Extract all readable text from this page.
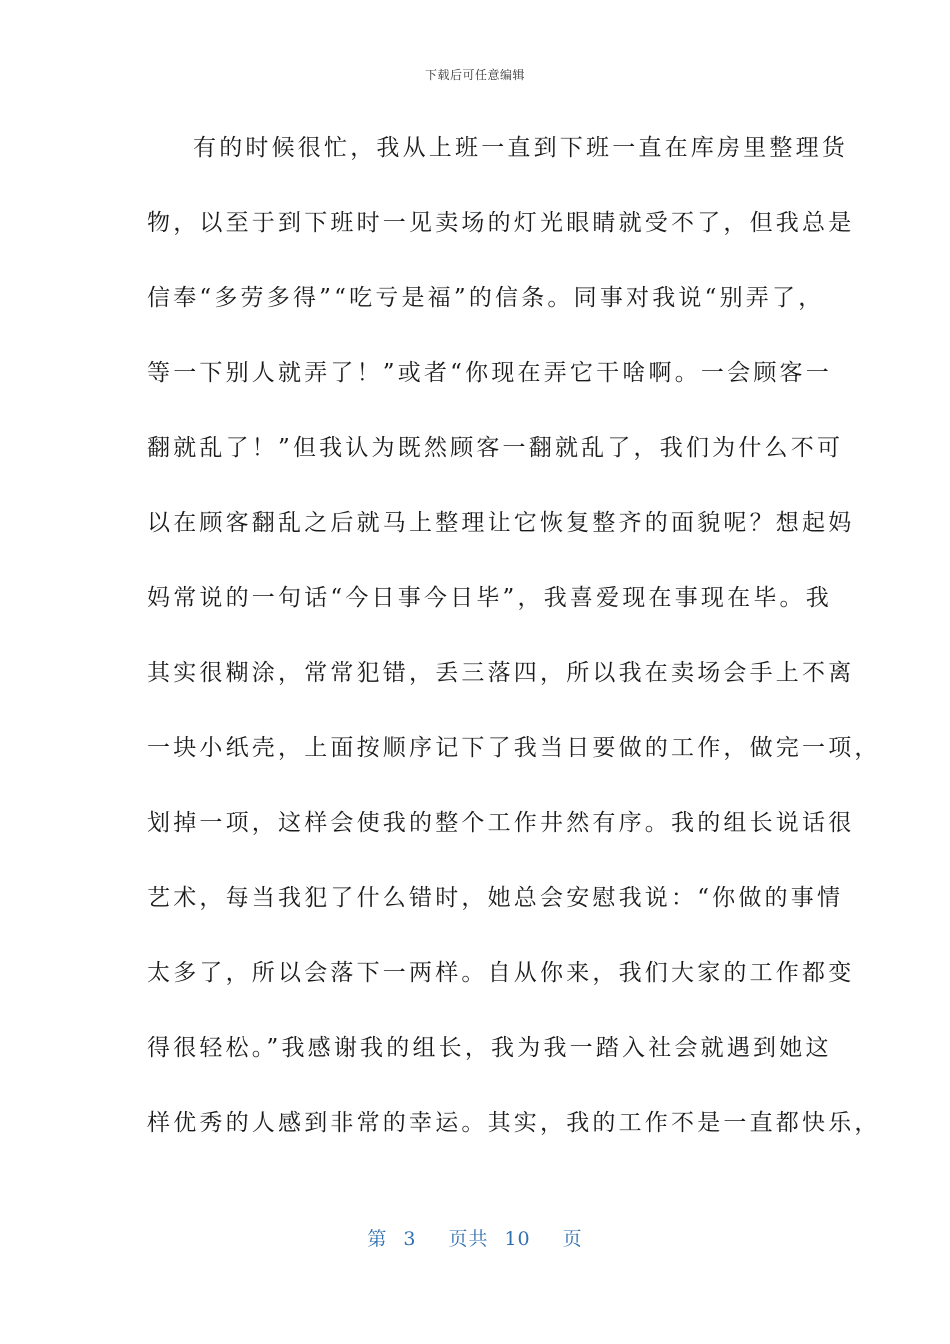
下载后可任意编辑
有的时候很忙，我从上班一直到下班一直在库房里整理货
物，以至于到下班时一见卖场的灯光眼睛就受不了，但我总是
信奉“多劳多得”“吃亏是福”的信条。同事对我说“别弄了，
等一下别人就弄了！”或者“你现在弄它干啥啊。一会顾客一
翻就乱了！”但我认为既然顾客一翻就乱了，我们为什么不可
以在顾客翻乱之后就马上整理让它恢复整齐的面貌呢？想起妈
妈常说的一句话“今日事今日毕”，我喜爱现在事现在毕。我
其实很糊涂，常常犯错，丢三落四，所以我在卖场会手上不离
一块小纸壳，上面按顺序记下了我当日要做的工作，做完一项，
划掉一项，这样会使我的整个工作井然有序。我的组长说话很
艺术，每当我犯了什么错时，她总会安慰我说：“你做的事情
太多了，所以会落下一两样。自从你来，我们大家的工作都变
得很轻松。”我感谢我的组长，我为我一踏入社会就遇到她这
样优秀的人感到非常的幸运。其实，我的工作不是一直都快乐，
第 3 页共 10 页
